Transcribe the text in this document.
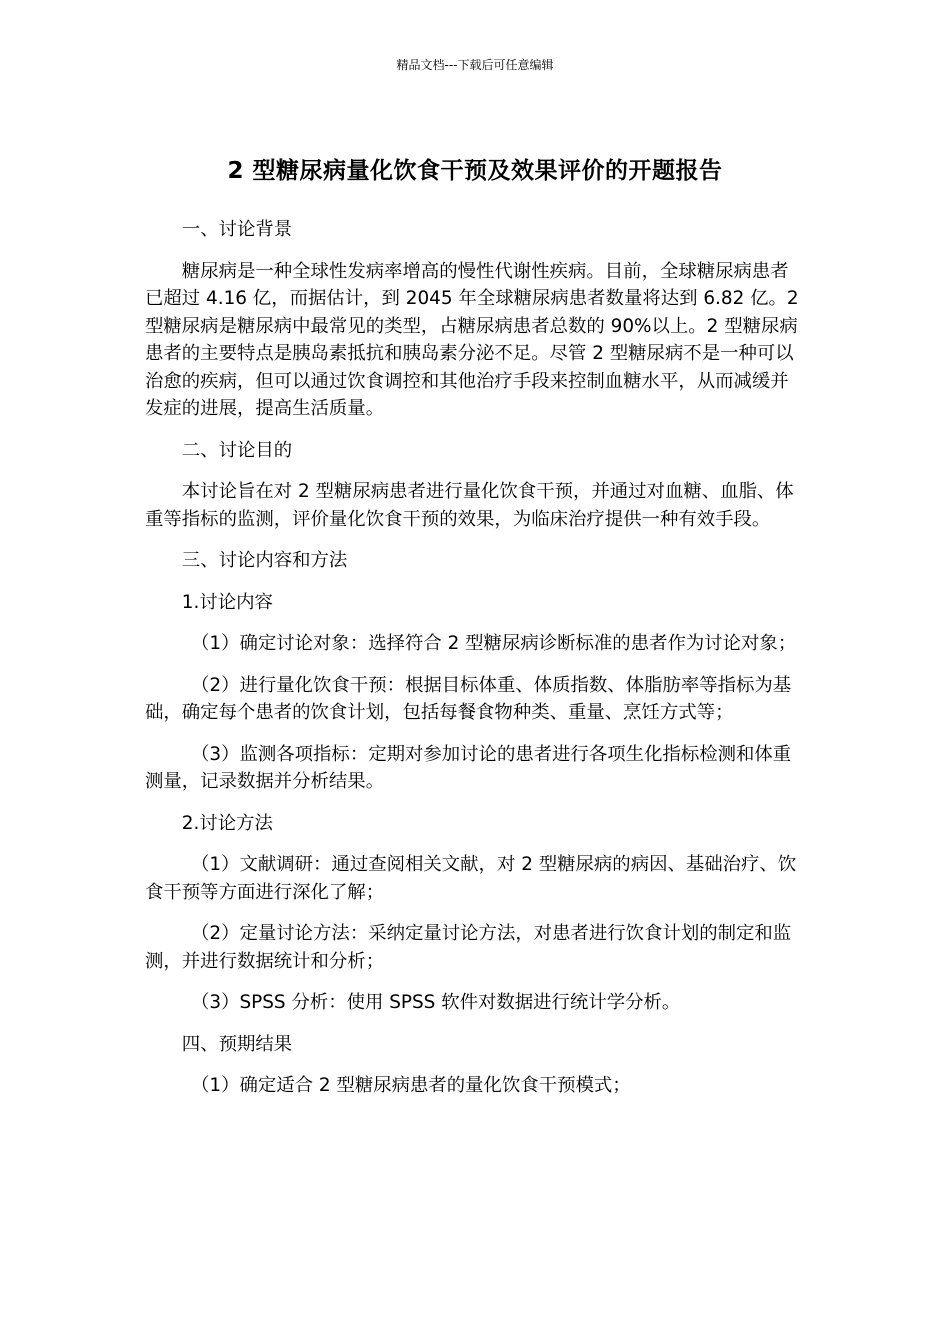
精品文档---下载后可任意编辑
2 型糖尿病量化饮食干预及效果评价的开题报告

一、讨论背景

糖尿病是一种全球性发病率增高的慢性代谢性疾病。目前，全球糖尿病患者已超过 4.16 亿，而据估计，到 2045 年全球糖尿病患者数量将达到 6.82 亿。2 型糖尿病是糖尿病中最常见的类型，占糖尿病患者总数的 90%以上。2 型糖尿病患者的主要特点是胰岛素抵抗和胰岛素分泌不足。尽管 2 型糖尿病不是一种可以治愈的疾病，但可以通过饮食调控和其他治疗手段来控制血糖水平，从而减缓并发症的进展，提高生活质量。

二、讨论目的

本讨论旨在对 2 型糖尿病患者进行量化饮食干预，并通过对血糖、血脂、体重等指标的监测，评价量化饮食干预的效果，为临床治疗提供一种有效手段。

三、讨论内容和方法

1.讨论内容

（1）确定讨论对象：选择符合 2 型糖尿病诊断标准的患者作为讨论对象；

（2）进行量化饮食干预：根据目标体重、体质指数、体脂肪率等指标为基础，确定每个患者的饮食计划，包括每餐食物种类、重量、烹饪方式等；

（3）监测各项指标：定期对参加讨论的患者进行各项生化指标检测和体重测量，记录数据并分析结果。

2.讨论方法

（1）文献调研：通过查阅相关文献，对 2 型糖尿病的病因、基础治疗、饮食干预等方面进行深化了解；

（2）定量讨论方法：采纳定量讨论方法，对患者进行饮食计划的制定和监测，并进行数据统计和分析；

（3）SPSS 分析：使用 SPSS 软件对数据进行统计学分析。

四、预期结果

（1）确定适合 2 型糖尿病患者的量化饮食干预模式；
